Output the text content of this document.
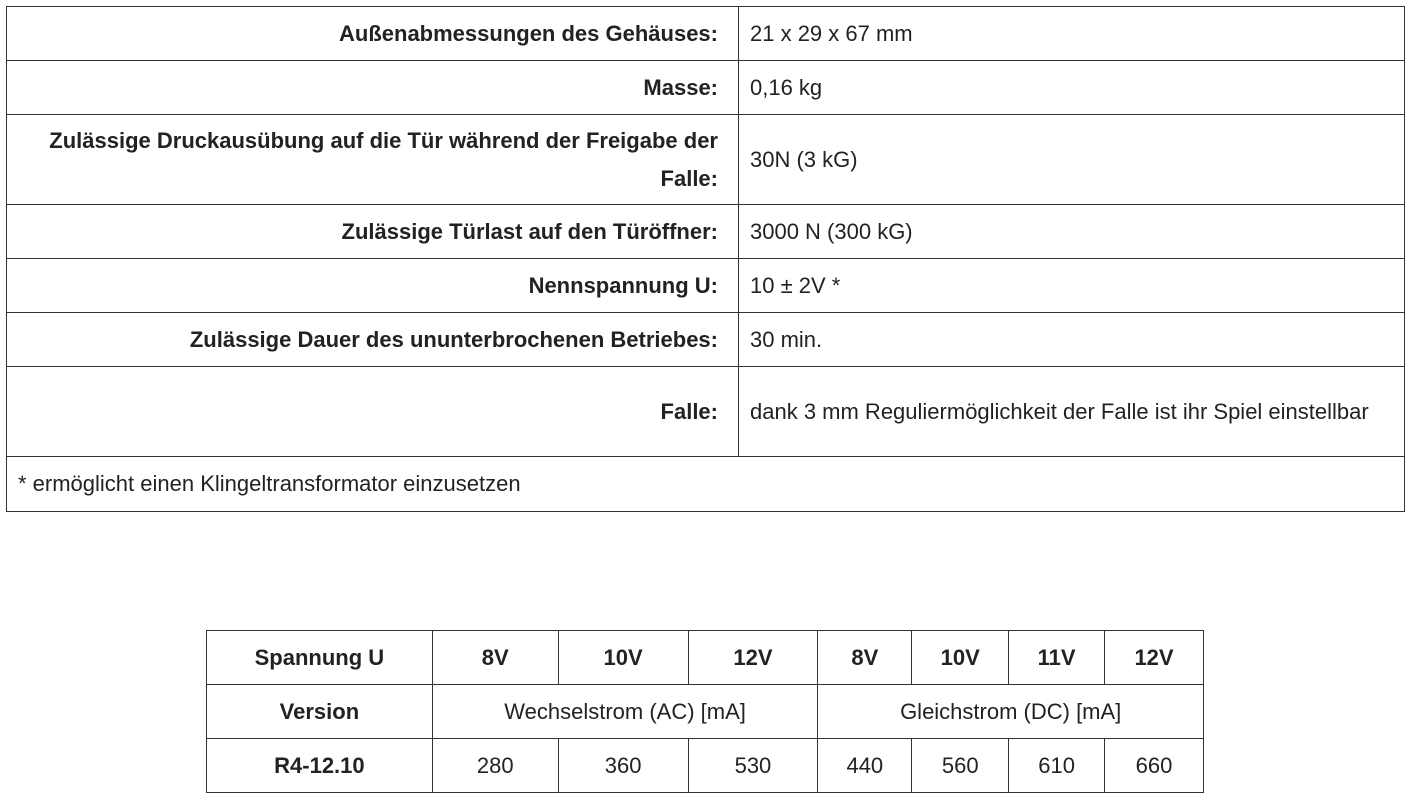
Außenabmessungen des Gehäuses:	21 x 29 x 67 mm
Masse:	0,16 kg
Zulässige Druckausübung auf die Tür während der Freigabe der Falle:	30N (3 kG)
Zulässige Türlast auf den Türöffner:	3000 N (300 kG)
Nennspannung U:	10 ± 2V *
Zulässige Dauer des ununterbrochenen Betriebes:	30 min.
Falle:	dank 3 mm Reguliermöglichkeit der Falle ist ihr Spiel einstellbar
* ermöglicht einen Klingeltransformator einzusetzen	
Spannung U	8V	10V	12V	8V	10V	11V	12V
Version	Wechselstrom (AC) [mA]			Gleichstrom (DC) [mA]			
R4-12.10	280	360	530	440	560	610	660
